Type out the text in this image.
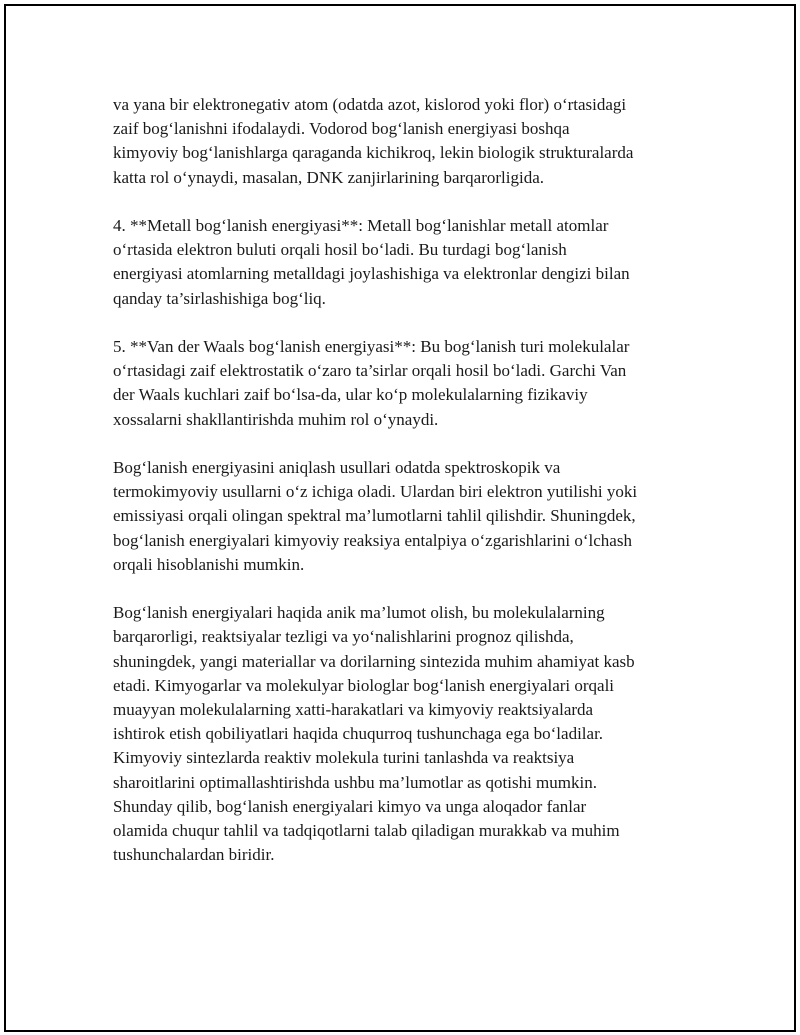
va yana bir elektronegativ atom (odatda azot, kislorod yoki flor) o‘rtasidagi
zaif bog‘lanishni ifodalaydi. Vodorod bog‘lanish energiyasi boshqa
kimyoviy bog‘lanishlarga qaraganda kichikroq, lekin biologik strukturalarda
katta rol o‘ynaydi, masalan, DNK zanjirlarining barqarorligida.

4. **Metall bog‘lanish energiyasi**: Metall bog‘lanishlar metall atomlar
o‘rtasida elektron buluti orqali hosil bo‘ladi. Bu turdagi bog‘lanish
energiyasi atomlarning metalldagi joylashishiga va elektronlar dengizi bilan
qanday ta’sirlashishiga bog‘liq.

5. **Van der Waals bog‘lanish energiyasi**: Bu bog‘lanish turi molekulalar
o‘rtasidagi zaif elektrostatik o‘zaro ta’sirlar orqali hosil bo‘ladi. Garchi Van
der Waals kuchlari zaif bo‘lsa-da, ular ko‘p molekulalarning fizikaviy
xossalarni shakllantirishda muhim rol o‘ynaydi.

Bog‘lanish energiyasini aniqlash usullari odatda spektroskopik va
termokimyoviy usullarni o‘z ichiga oladi. Ulardan biri elektron yutilishi yoki
emissiyasi orqali olingan spektral ma’lumotlarni tahlil qilishdir. Shuningdek,
bog‘lanish energiyalari kimyoviy reaksiya entalpiya o‘zgarishlarini o‘lchash
orqali hisoblanishi mumkin.

Bog‘lanish energiyalari haqida anik ma’lumot olish, bu molekulalarning
barqarorligi, reaktsiyalar tezligi va yo‘nalishlarini prognoz qilishda,
shuningdek, yangi materiallar va dorilarning sintezida muhim ahamiyat kasb
etadi. Kimyogarlar va molekulyar biologlar bog‘lanish energiyalari orqali
muayyan molekulalarning xatti-harakatlari va kimyoviy reaktsiyalarda
ishtirok etish qobiliyatlari haqida chuqurroq tushunchaga ega bo‘ladilar.
Kimyoviy sintezlarda reaktiv molekula turini tanlashda va reaktsiya
sharoitlarini optimallashtirishda ushbu ma’lumotlar as qotishi mumkin.
Shunday qilib, bog‘lanish energiyalari kimyo va unga aloqador fanlar
olamida chuqur tahlil va tadqiqotlarni talab qiladigan murakkab va muhim
tushunchalardan biridir.
